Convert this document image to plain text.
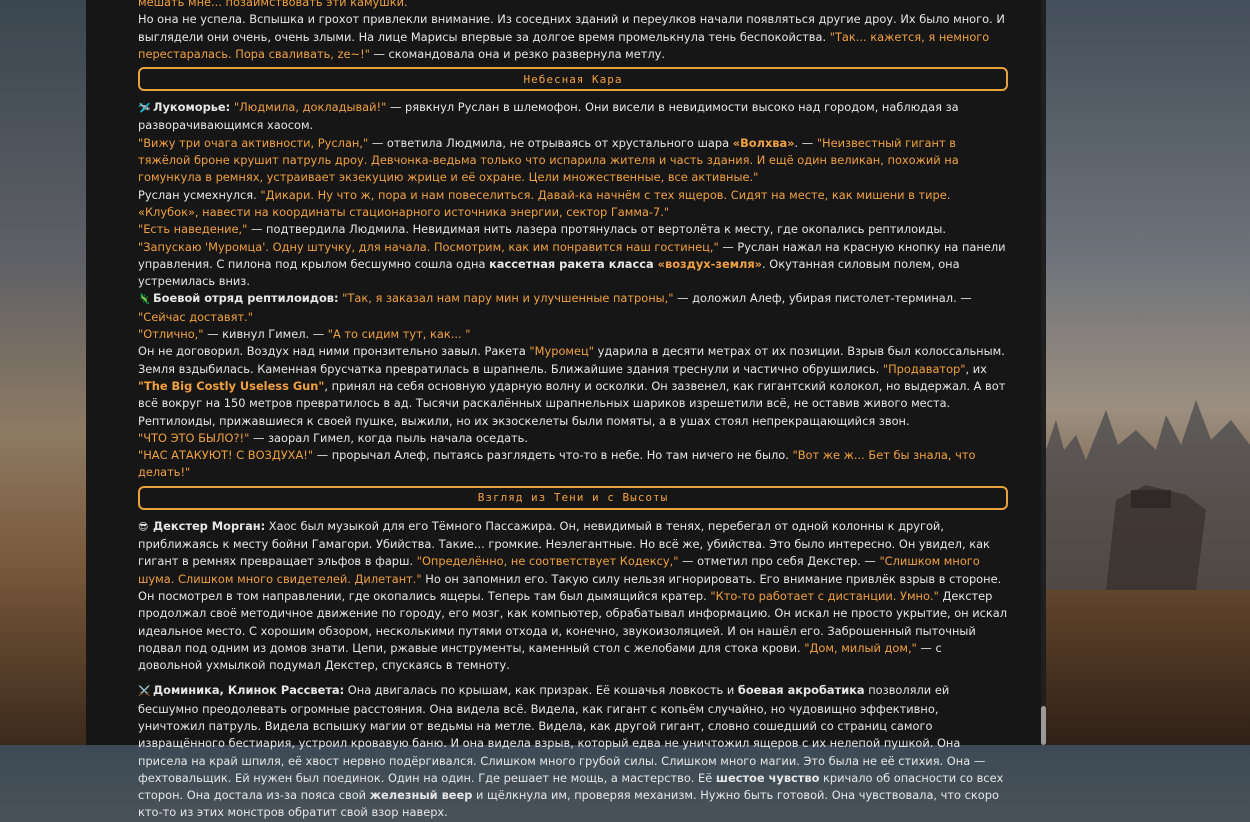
мешать мне... позаимствовать эти камушки.

Но она не успела. Вспышка и грохот привлекли внимание. Из соседних зданий и переулков начали появляться другие дроу. Их было много. И выглядели они очень, очень злыми. На лице Марисы впервые за долгое время промелькнула тень беспокойства. "Так... кажется, я немного перестаралась. Пора сваливать, ze~!" — скомандовала она и резко развернула метлу.

Небесная Кара

🛩️ Лукоморье: "Людмила, докладывай!" — рявкнул Руслан в шлемофон. Они висели в невидимости высоко над городом, наблюдая за разворачивающимся хаосом.

"Вижу три очага активности, Руслан," — ответила Людмила, не отрываясь от хрустального шара «Волхва». — "Неизвестный гигант в тяжёлой броне крушит патруль дроу. Девчонка-ведьма только что испарила жителя и часть здания. И ещё один великан, похожий на гомункула в ремнях, устраивает экзекуцию жрице и её охране. Цели множественные, все активные."

Руслан усмехнулся. "Дикари. Ну что ж, пора и нам повеселиться. Давай-ка начнём с тех ящеров. Сидят на месте, как мишени в тире. «Клубок», навести на координаты стационарного источника энергии, сектор Гамма-7."

"Есть наведение," — подтвердила Людмила. Невидимая нить лазера протянулась от вертолёта к месту, где окопались рептилоиды.

"Запускаю 'Муромца'. Одну штучку, для начала. Посмотрим, как им понравится наш гостинец," — Руслан нажал на красную кнопку на панели управления. С пилона под крылом бесшумно сошла одна кассетная ракета класса «воздух-земля». Окутанная силовым полем, она устремилась вниз.

🦎 Боевой отряд рептилоидов: "Так, я заказал нам пару мин и улучшенные патроны," — доложил Алеф, убирая пистолет-терминал. — "Сейчас доставят."

"Отлично," — кивнул Гимел. — "А то сидим тут, как... "

Он не договорил. Воздух над ними пронзительно завыл. Ракета "Муромец" ударила в десяти метрах от их позиции. Взрыв был колоссальным. Земля вздыбилась. Каменная брусчатка превратилась в шрапнель. Ближайшие здания треснули и частично обрушились. "Продаватор", их "The Big Costly Useless Gun", принял на себя основную ударную волну и осколки. Он зазвенел, как гигантский колокол, но выдержал. А вот всё вокруг на 150 метров превратилось в ад. Тысячи раскалённых шрапнельных шариков изрешетили всё, не оставив живого места. Рептилоиды, прижавшиеся к своей пушке, выжили, но их экзоскелеты были помяты, а в ушах стоял непрекращающийся звон.

"ЧТО ЭТО БЫЛО?!" — заорал Гимел, когда пыль начала оседать.

"НАС АТАКУЮТ! С ВОЗДУХА!" — прорычал Алеф, пытаясь разглядеть что-то в небе. Но там ничего не было. "Вот же ж... Бет бы знала, что делать!"

Взгляд из Тени и с Высоты

😎 Декстер Морган: Хаос был музыкой для его Тёмного Пассажира. Он, невидимый в тенях, перебегал от одной колонны к другой, приближаясь к месту бойни Гамагори. Убийства. Такие... громкие. Неэлегантные. Но всё же, убийства. Это было интересно. Он увидел, как гигант в ремнях превращает эльфов в фарш. "Определённо, не соответствует Кодексу," — отметил про себя Декстер. — "Слишком много шума. Слишком много свидетелей. Дилетант." Но он запомнил его. Такую силу нельзя игнорировать. Его внимание привлёк взрыв в стороне. Он посмотрел в том направлении, где окопались ящеры. Теперь там был дымящийся кратер. "Кто-то работает с дистанции. Умно." Декстер продолжал своё методичное движение по городу, его мозг, как компьютер, обрабатывал информацию. Он искал не просто укрытие, он искал идеальное место. С хорошим обзором, несколькими путями отхода и, конечно, звукоизоляцией. И он нашёл его. Заброшенный пыточный подвал под одним из домов знати. Цепи, ржавые инструменты, каменный стол с желобами для стока крови. "Дом, милый дом," — с довольной ухмылкой подумал Декстер, спускаясь в темноту.

⚔️ Доминика, Клинок Рассвета: Она двигалась по крышам, как призрак. Её кошачья ловкость и боевая акробатика позволяли ей бесшумно преодолевать огромные расстояния. Она видела всё. Видела, как гигант с копьём случайно, но чудовищно эффективно, уничтожил патруль. Видела вспышку магии от ведьмы на метле. Видела, как другой гигант, словно сошедший со страниц самого извращённого бестиария, устроил кровавую баню. И она видела взрыв, который едва не уничтожил ящеров с их нелепой пушкой. Она присела на край шпиля, её хвост нервно подёргивался. Слишком много грубой силы. Слишком много магии. Это была не её стихия. Она — фехтовальщик. Ей нужен был поединок. Один на один. Где решает не мощь, а мастерство. Её шестое чувство кричало об опасности со всех сторон. Она достала из-за пояса свой железный веер и щёлкнула им, проверяя механизм. Нужно быть готовой. Она чувствовала, что скоро кто-то из этих монстров обратит свой взор наверх.
